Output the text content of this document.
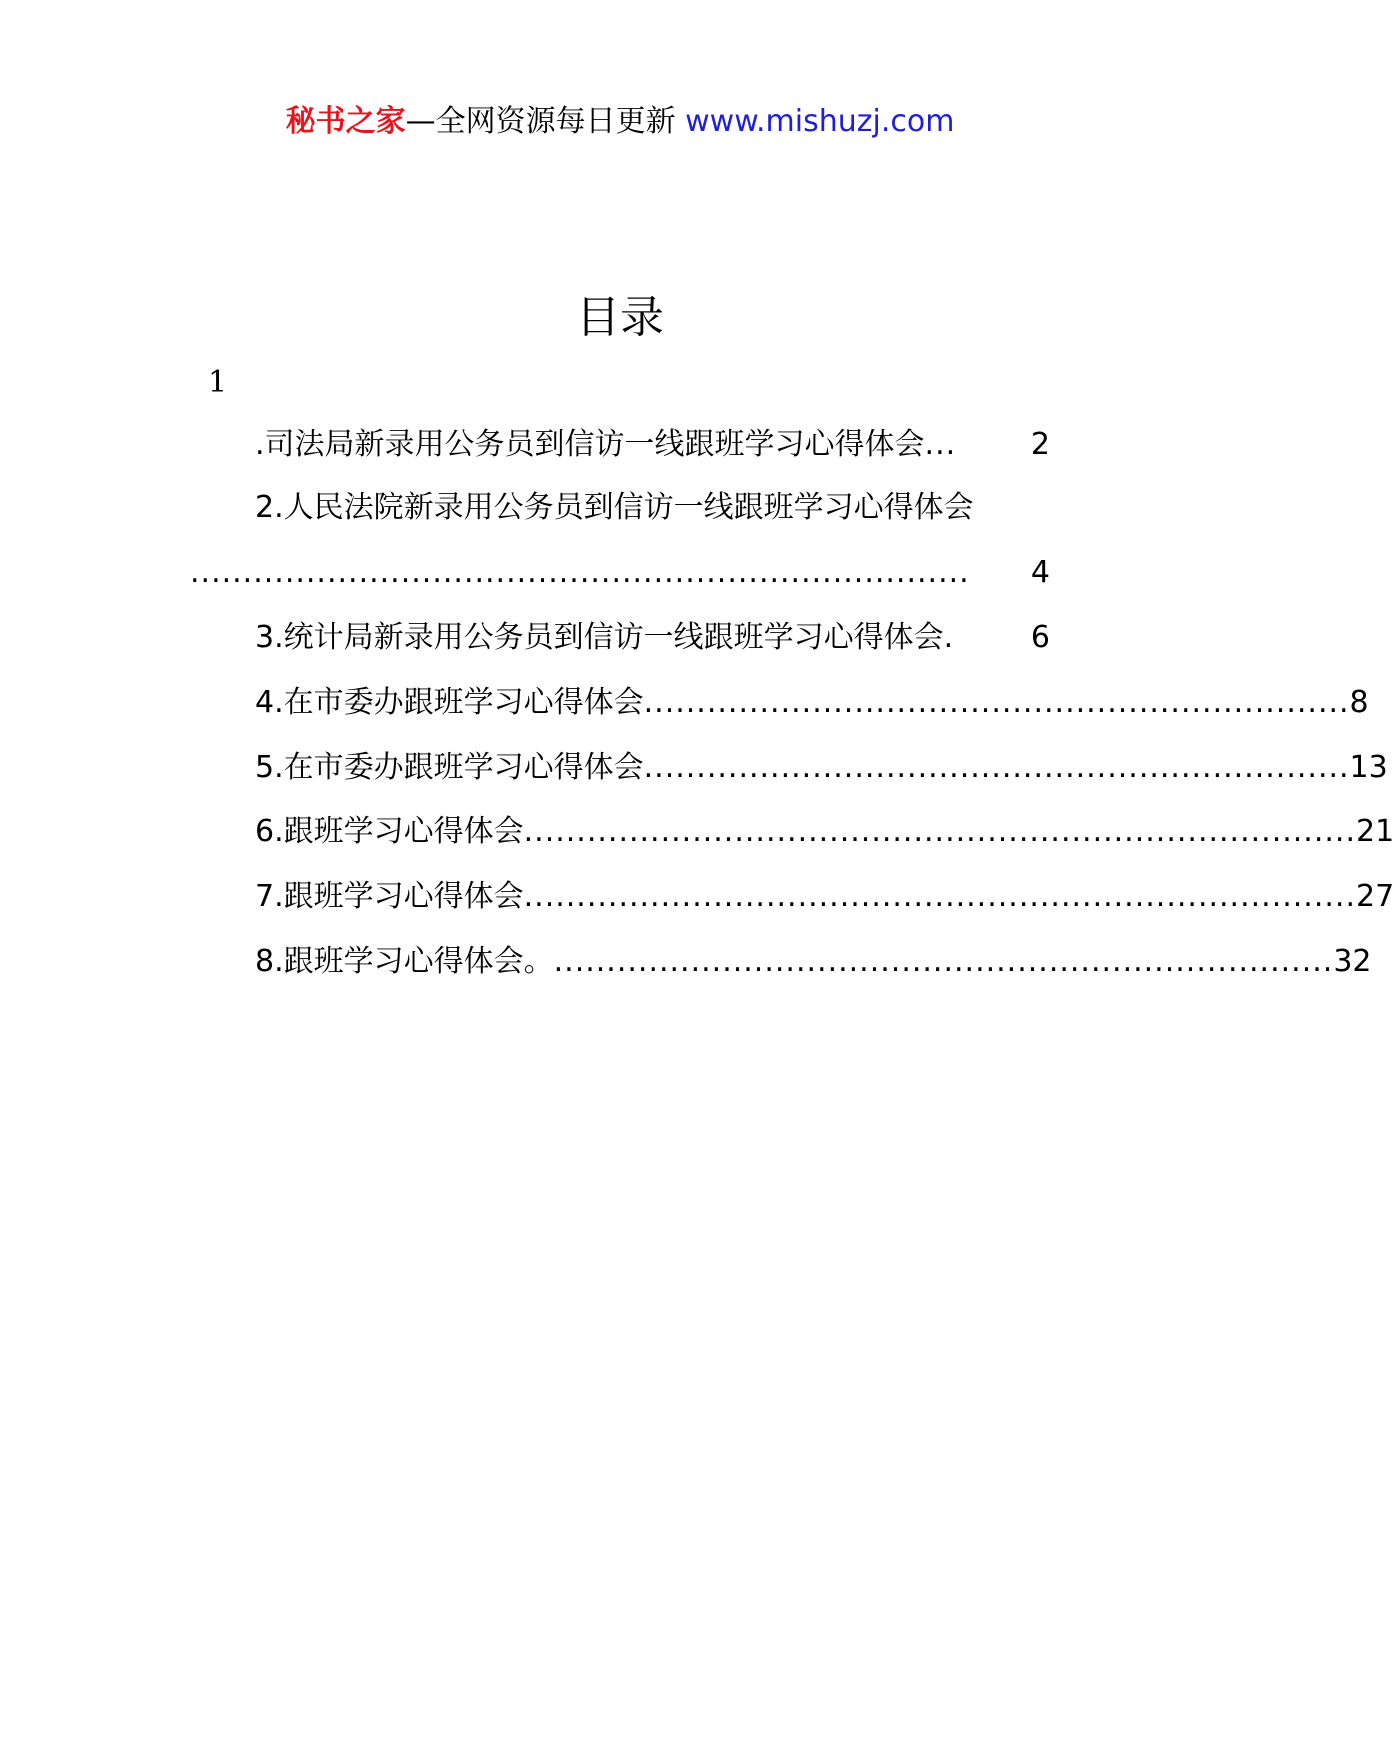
秘书之家—全网资源每日更新 www.mishuzj.com
目录
1
.司法局新录用公务员到信访一线跟班学习心得体会 ...	2
2.人民法院新录用公务员到信访一线跟班学习心得体会
..........................................................................	4
3.统计局新录用公务员到信访一线跟班学习心得体会 .	6
4.在市委办跟班学习心得体会 ................................................................... 8
5.在市委办跟班学习心得体会 ................................................................... 13
6.跟班学习心得体会 ............................................................................... 21
7.跟班学习心得体会 ............................................................................... 27
8.跟班学习心得体会。 .......................................................................... 32
